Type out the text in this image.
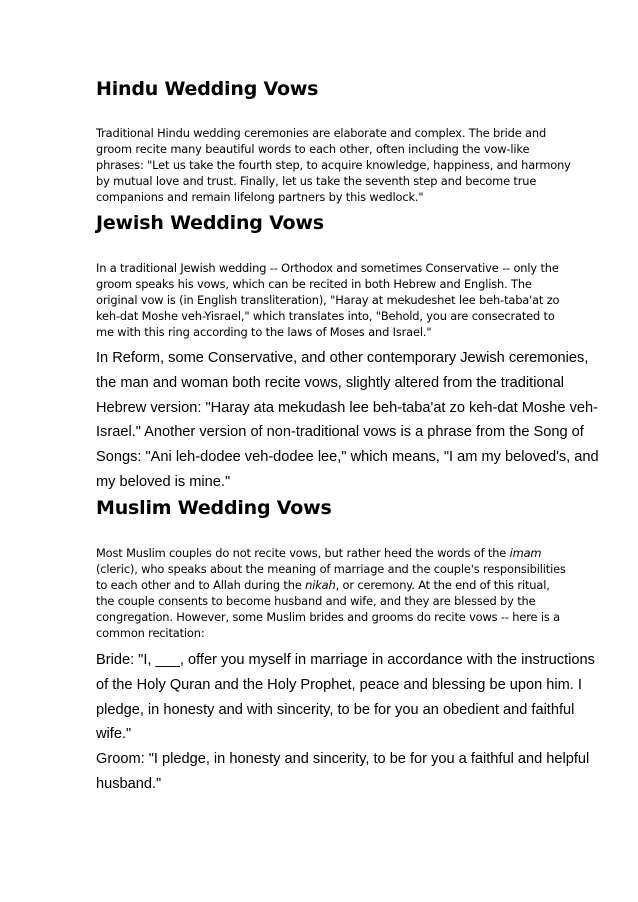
Hindu Wedding Vows

Traditional Hindu wedding ceremonies are elaborate and complex. The bride and
groom recite many beautiful words to each other, often including the vow-like
phrases: "Let us take the fourth step, to acquire knowledge, happiness, and harmony
by mutual love and trust. Finally, let us take the seventh step and become true
companions and remain lifelong partners by this wedlock."

Jewish Wedding Vows

In a traditional Jewish wedding -- Orthodox and sometimes Conservative -- only the
groom speaks his vows, which can be recited in both Hebrew and English. The
original vow is (in English transliteration), "Haray at mekudeshet lee beh-taba'at zo
keh-dat Moshe veh-Yisrael," which translates into, "Behold, you are consecrated to
me with this ring according to the laws of Moses and Israel."

In Reform, some Conservative, and other contemporary Jewish ceremonies,
the man and woman both recite vows, slightly altered from the traditional
Hebrew version: "Haray ata mekudash lee beh-taba'at zo keh-dat Moshe veh-
Israel." Another version of non-traditional vows is a phrase from the Song of
Songs: "Ani leh-dodee veh-dodee lee," which means, "I am my beloved's, and
my beloved is mine."

Muslim Wedding Vows

Most Muslim couples do not recite vows, but rather heed the words of the imam
(cleric), who speaks about the meaning of marriage and the couple's responsibilities
to each other and to Allah during the nikah, or ceremony. At the end of this ritual,
the couple consents to become husband and wife, and they are blessed by the
congregation. However, some Muslim brides and grooms do recite vows -- here is a
common recitation:

Bride: "I, ___, offer you myself in marriage in accordance with the instructions
of the Holy Quran and the Holy Prophet, peace and blessing be upon him. I
pledge, in honesty and with sincerity, to be for you an obedient and faithful
wife."
Groom: "I pledge, in honesty and sincerity, to be for you a faithful and helpful
husband."
